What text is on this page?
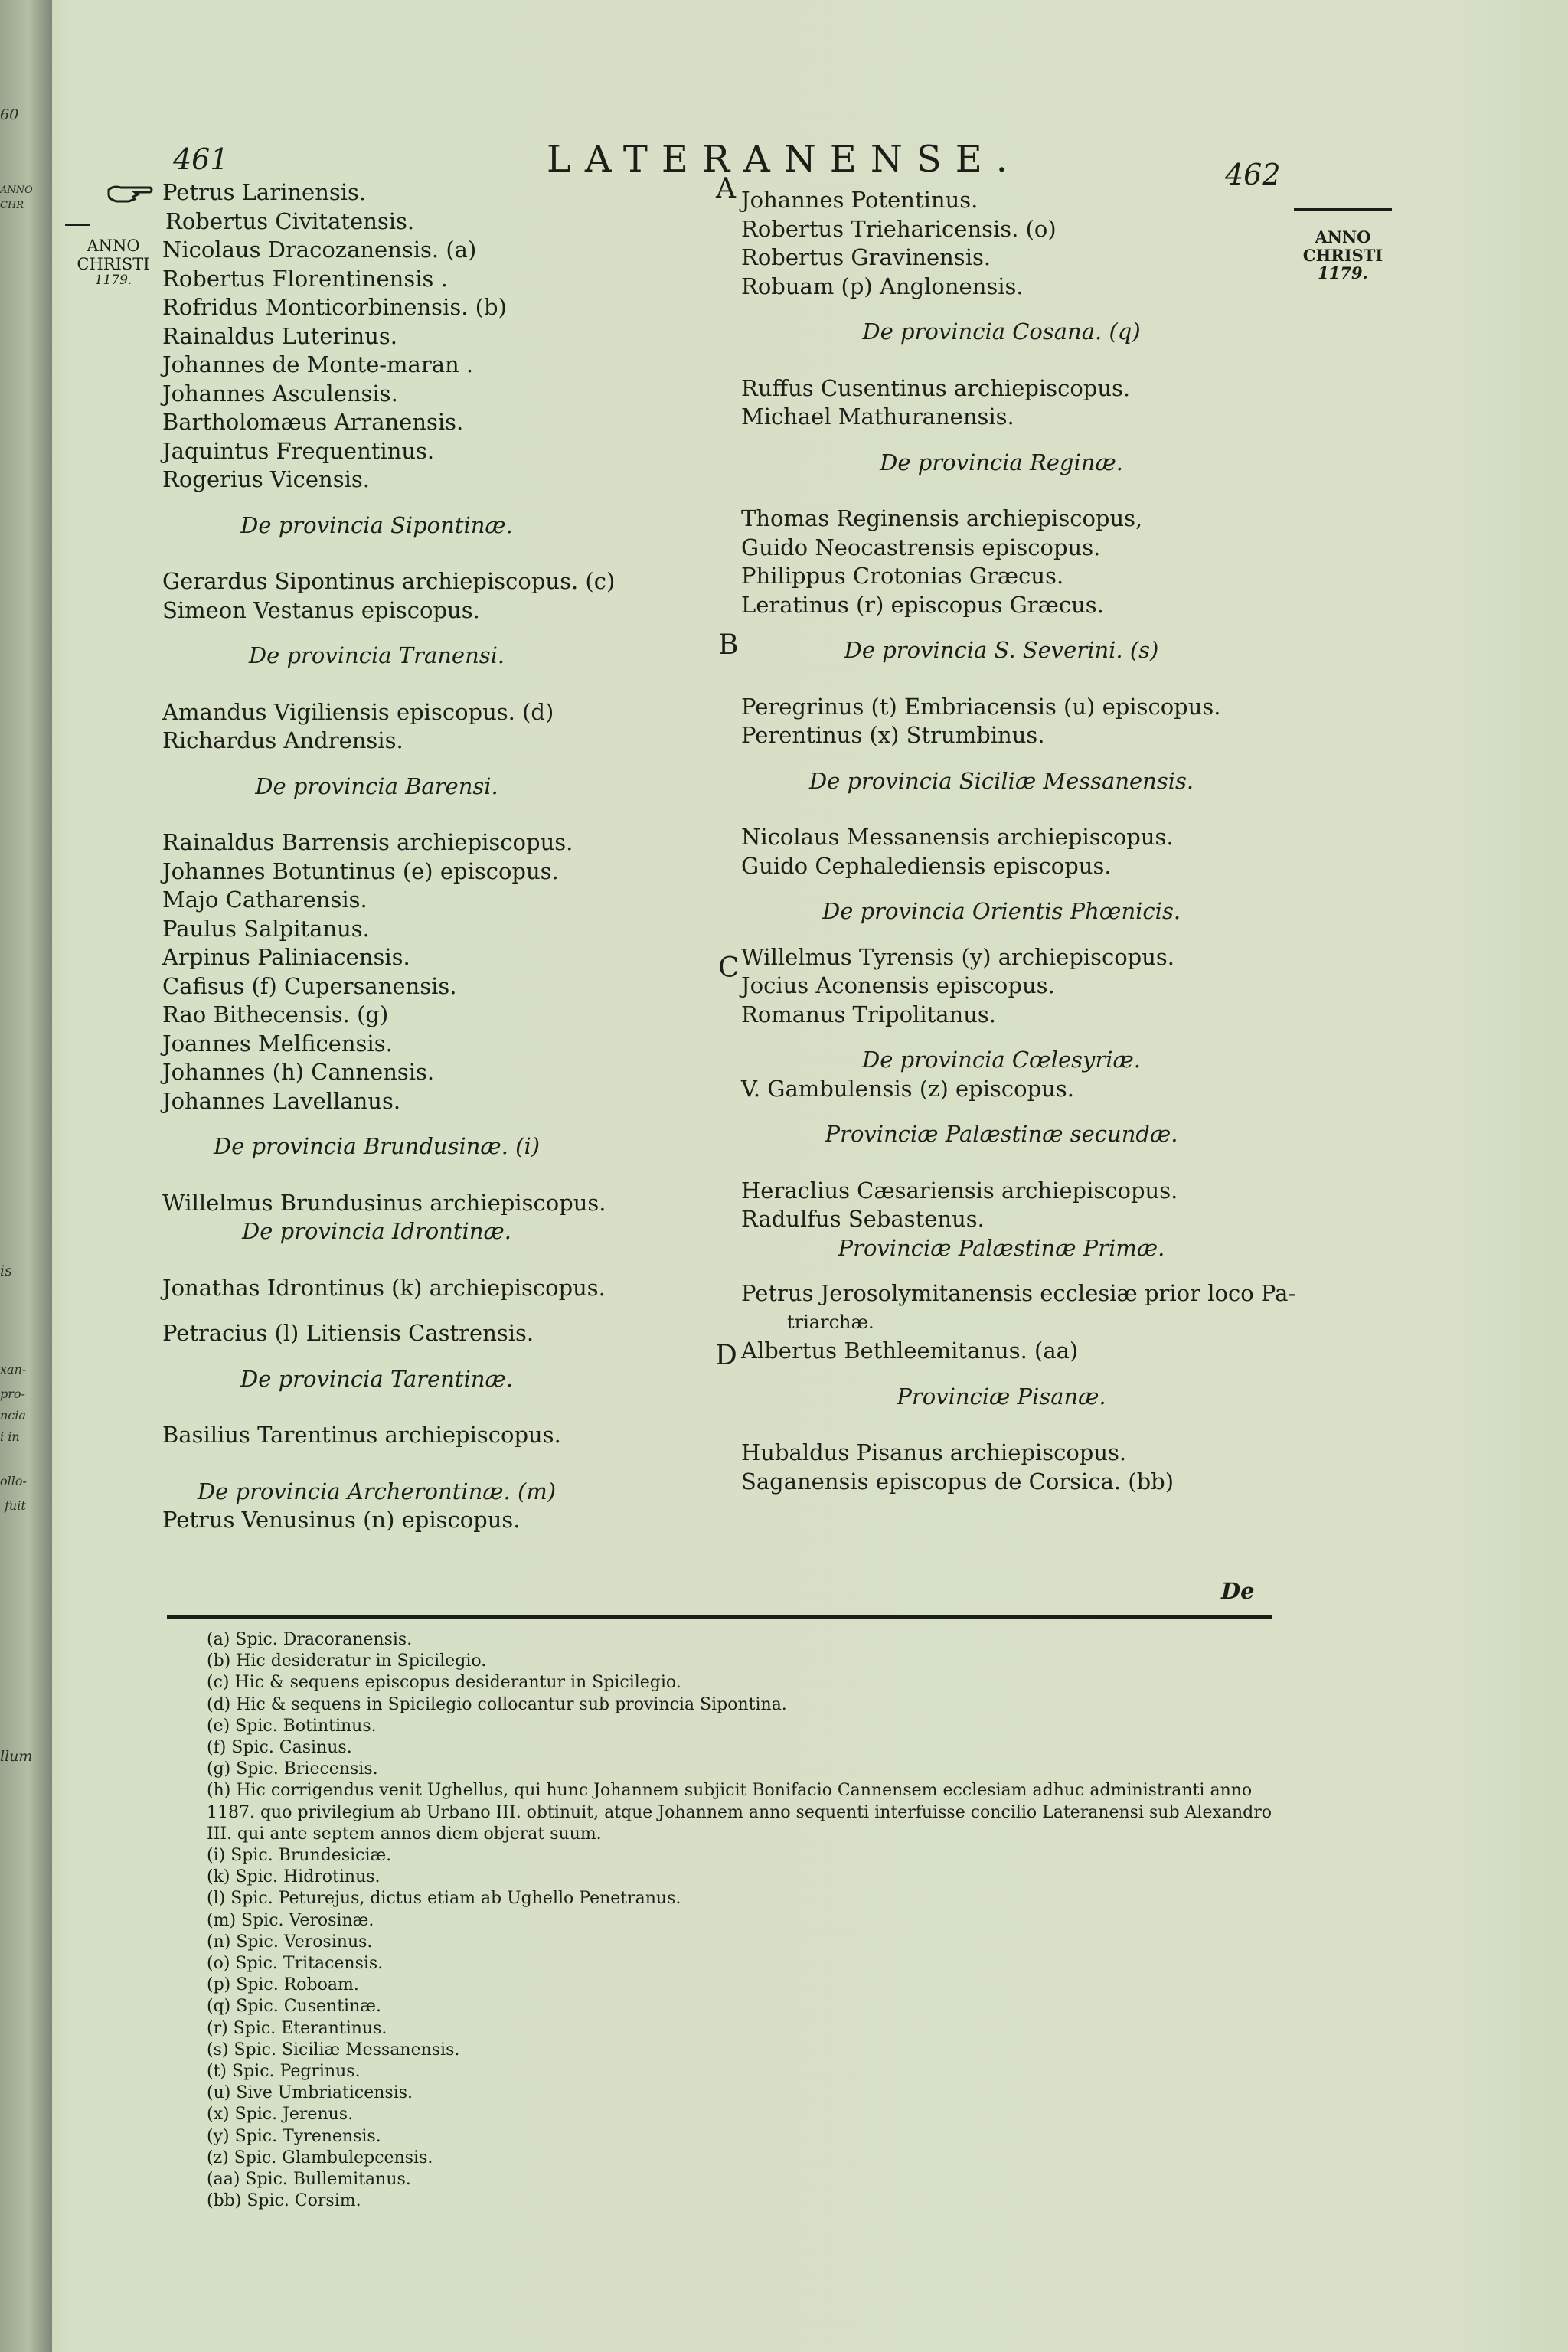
60
ANNO
CHR
is
xan-
pro-
ncia
i in
ollo-
fuit
llum
461	LATERANENSE.	462
ANNO
CHRISTI
1179.
ANNO
CHRISTI
1179.
Petrus Larinensis.
Robertus Civitatensis.
Nicolaus Dracozanensis. (a)
Robertus Florentinensis .
Rofridus Monticorbinensis. (b)
Rainaldus Luterinus.
Johannes de Monte-maran .
Johannes Asculensis.
Bartholomæus Arranensis.
Jaquintus Frequentinus.
Rogerius Vicensis.
De provincia Sipontinæ.
Gerardus Sipontinus archiepiscopus. (c)
Simeon Vestanus episcopus.
De provincia Tranensi.
Amandus Vigiliensis episcopus. (d)
Richardus Andrensis.
De provincia Barensi.
Rainaldus Barrensis archiepiscopus.
Johannes Botuntinus (e) episcopus.
Majo Catharensis.
Paulus Salpitanus.
Arpinus Paliniacensis.
Cafisus (f) Cupersanensis.
Rao Bithecensis. (g)
Joannes Melficensis.
Johannes (h) Cannensis.
Johannes Lavellanus.
De provincia Brundusinæ. (i)
Willelmus Brundusinus archiepiscopus.
De provincia Idrontinæ.
Jonathas Idrontinus (k) archiepiscopus.
Petracius (l) Litiensis Castrensis.
De provincia Tarentinæ.
Basilius Tarentinus archiepiscopus.
De provincia Archerontinæ. (m)
Petrus Venusinus (n) episcopus.
A
B
C
D
Johannes Potentinus.
Robertus Trieharicensis. (o)
Robertus Gravinensis.
Robuam (p) Anglonensis.
De provincia Cosana. (q)
Ruffus Cusentinus archiepiscopus.
Michael Mathuranensis.
De provincia Reginæ.
Thomas Reginensis archiepiscopus,
Guido Neocastrensis episcopus.
Philippus Crotonias Græcus.
Leratinus (r) episcopus Græcus.
De provincia S. Severini. (s)
Peregrinus (t) Embriacensis (u) episcopus.
Perentinus (x) Strumbinus.
De provincia Siciliæ Messanensis.
Nicolaus Messanensis archiepiscopus.
Guido Cephalediensis episcopus.
De provincia Orientis Phœnicis.
Willelmus Tyrensis (y) archiepiscopus.
Jocius Aconensis episcopus.
Romanus Tripolitanus.
De provincia Cœlesyriæ.
V. Gambulensis (z) episcopus.
Provinciæ Palæstinæ secundæ.
Heraclius Cæsariensis archiepiscopus.
Radulfus Sebastenus.
Provinciæ Palæstinæ Primæ.
Petrus Jerosolymitanensis ecclesiæ prior loco Pa-
triarchæ.
Albertus Bethleemitanus. (aa)
Provinciæ Pisanæ.
Hubaldus Pisanus archiepiscopus.
Saganensis episcopus de Corsica. (bb)
De
(a) Spic. Dracoranensis.
(b) Hic desideratur in Spicilegio.
(c) Hic & sequens episcopus desiderantur in Spicilegio.
(d) Hic & sequens in Spicilegio collocantur sub provincia Sipontina.
(e) Spic. Botintinus.
(f) Spic. Casinus.
(g) Spic. Briecensis.
(h) Hic corrigendus venit Ughellus, qui hunc Johannem subjicit Bonifacio Cannensem ecclesiam adhuc administranti anno 1187. quo privilegium ab Urbano III. obtinuit, atque Johannem anno sequenti interfuisse concilio Lateranensi sub Alexandro III. qui ante septem annos diem objerat suum.
(i) Spic. Brundesiciæ.
(k) Spic. Hidrotinus.
(l) Spic. Peturejus, dictus etiam ab Ughello Penetranus.
(m) Spic. Verosinæ.
(n) Spic. Verosinus.
(o) Spic. Tritacensis.
(p) Spic. Roboam.
(q) Spic. Cusentinæ.
(r) Spic. Eterantinus.
(s) Spic. Siciliæ Messanensis.
(t) Spic. Pegrinus.
(u) Sive Umbriaticensis.
(x) Spic. Jerenus.
(y) Spic. Tyrenensis.
(z) Spic. Glambulepcensis.
(aa) Spic. Bullemitanus.
(bb) Spic. Corsim.
